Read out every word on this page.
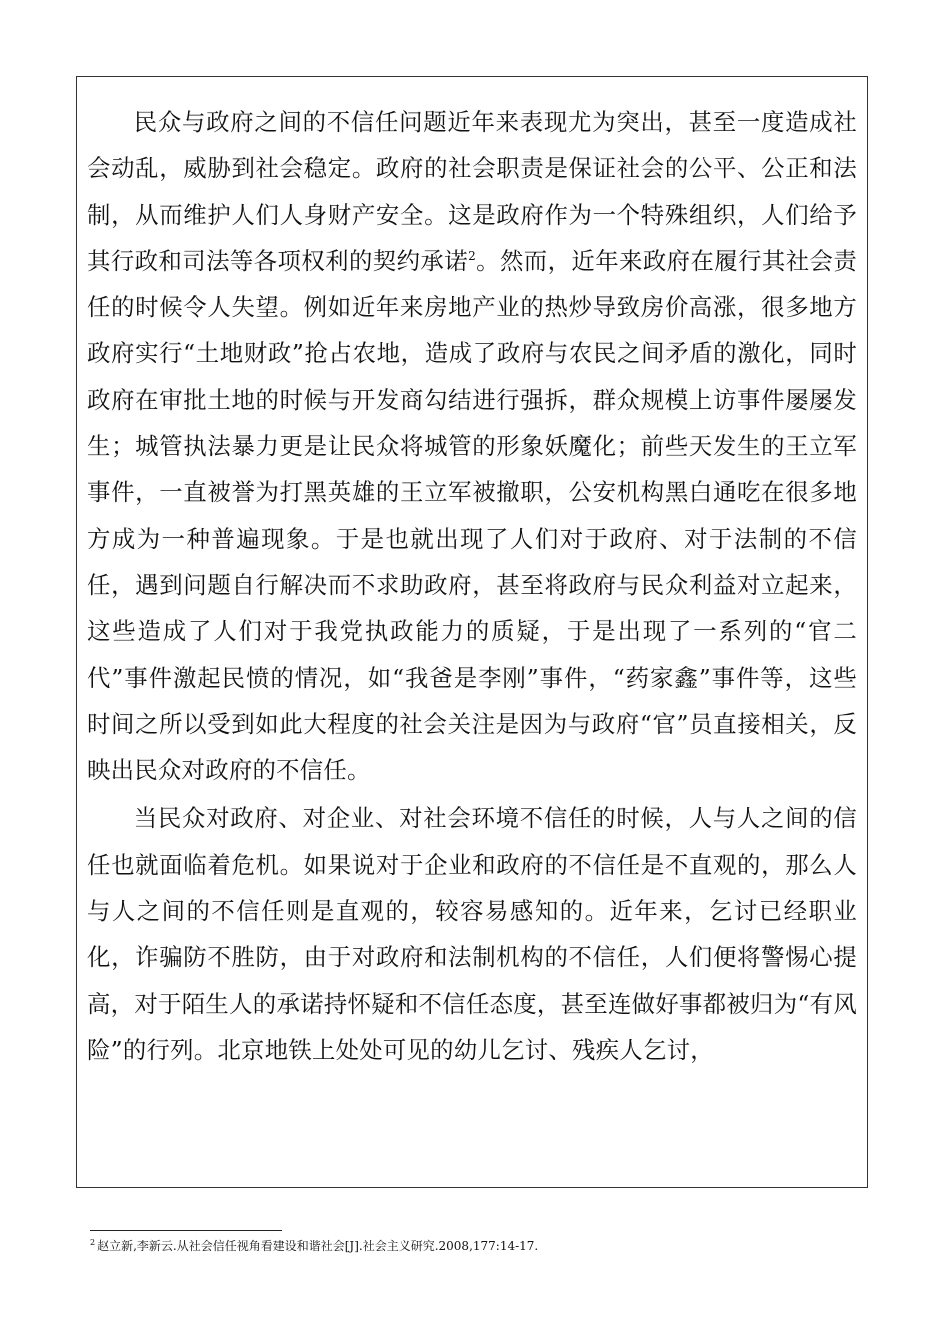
民众与政府之间的不信任问题近年来表现尤为突出，甚至一度造成社会动乱，威胁到社会稳定。政府的社会职责是保证社会的公平、公正和法制，从而维护人们人身财产安全。这是政府作为一个特殊组织，人们给予其行政和司法等各项权利的契约承诺$^2$。然而，近年来政府在履行其社会责任的时候令人失望。例如近年来房地产业的热炒导致房价高涨，很多地方政府实行“土地财政”抢占农地，造成了政府与农民之间矛盾的激化，同时政府在审批土地的时候与开发商勾结进行强拆，群众规模上访事件屡屡发生；城管执法暴力更是让民众将城管的形象妖魔化；前些天发生的王立军事件，一直被誉为打黑英雄的王立军被撤职，公安机构黑白通吃在很多地方成为一种普遍现象。于是也就出现了人们对于政府、对于法制的不信任，遇到问题自行解决而不求助政府，甚至将政府与民众利益对立起来，这些造成了人们对于我党执政能力的质疑，于是出现了一系列的“官二代”事件激起民愤的情况，如“我爸是李刚”事件，“药家鑫”事件等，这些时间之所以受到如此大程度的社会关注是因为与政府“官”员直接相关，反映出民众对政府的不信任。

当民众对政府、对企业、对社会环境不信任的时候，人与人之间的信任也就面临着危机。如果说对于企业和政府的不信任是不直观的，那么人与人之间的不信任则是直观的，较容易感知的。近年来，乞讨已经职业化，诈骗防不胜防，由于对政府和法制机构的不信任，人们便将警惕心提高，对于陌生人的承诺持怀疑和不信任态度，甚至连做好事都被归为“有风险”的行列。北京地铁上处处可见的幼儿乞讨、残疾人乞讨，

$^2$ 赵立新,李新云.从社会信任视角看建设和谐社会[J].社会主义研究.2008,177:14-17.
